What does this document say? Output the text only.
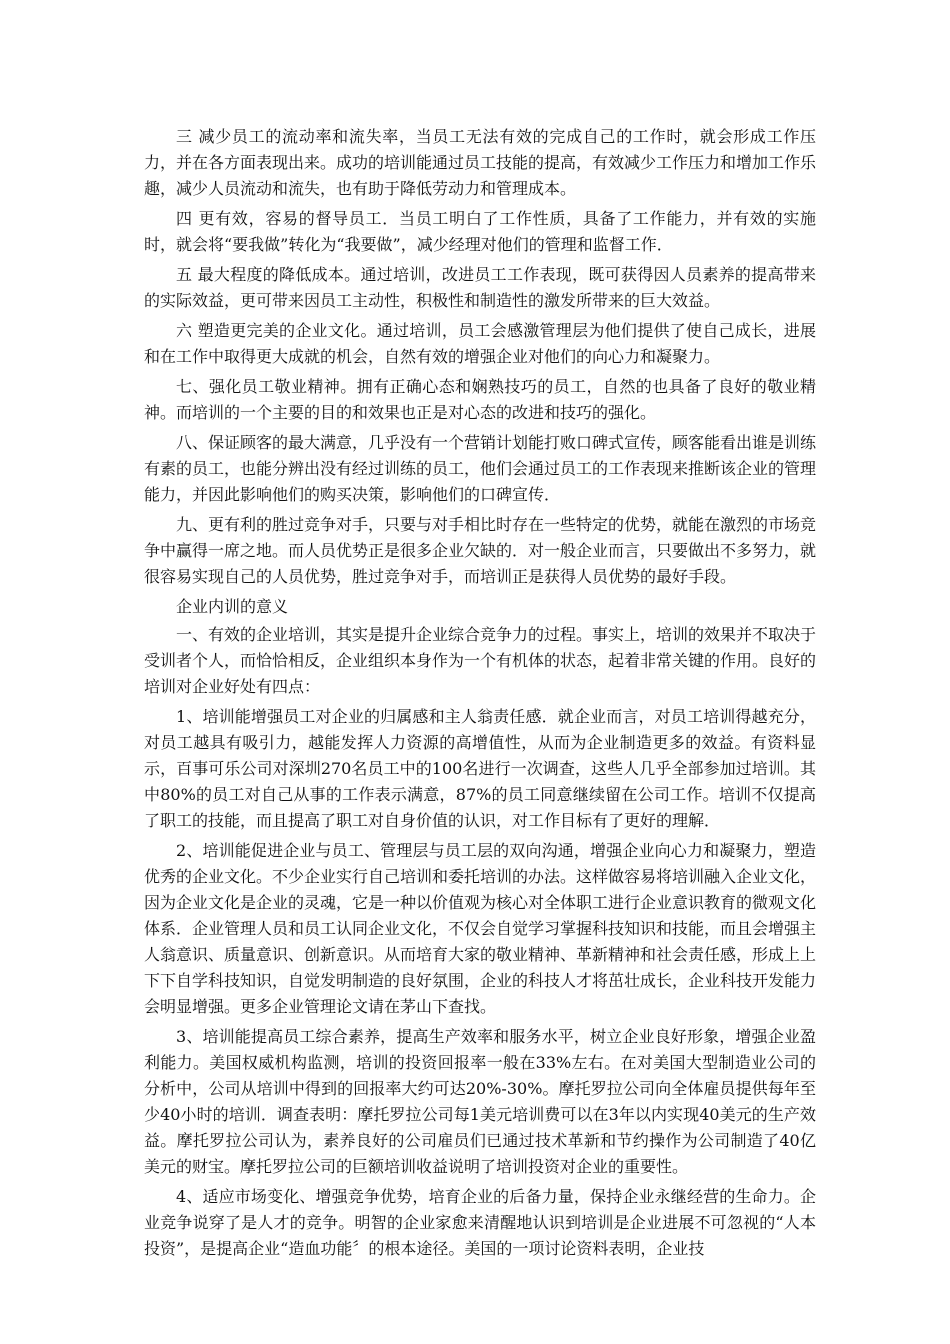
三 减少员工的流动率和流失率，当员工无法有效的完成自己的工作时，就会形成工作压力，并在各方面表现出来。成功的培训能通过员工技能的提高，有效减少工作压力和增加工作乐趣，减少人员流动和流失，也有助于降低劳动力和管理成本。

四 更有效，容易的督导员工．当员工明白了工作性质，具备了工作能力，并有效的实施时，就会将“要我做”转化为“我要做”，减少经理对他们的管理和监督工作．

五 最大程度的降低成本。通过培训，改进员工工作表现，既可获得因人员素养的提高带来的实际效益，更可带来因员工主动性，积极性和制造性的激发所带来的巨大效益。

六 塑造更完美的企业文化。通过培训，员工会感激管理层为他们提供了使自己成长，进展和在工作中取得更大成就的机会，自然有效的增强企业对他们的向心力和凝聚力。

七、强化员工敬业精神。拥有正确心态和娴熟技巧的员工，自然的也具备了良好的敬业精神。而培训的一个主要的目的和效果也正是对心态的改进和技巧的强化。

八、保证顾客的最大满意，几乎没有一个营销计划能打败口碑式宣传，顾客能看出谁是训练有素的员工，也能分辨出没有经过训练的员工，他们会通过员工的工作表现来推断该企业的管理能力，并因此影响他们的购买决策，影响他们的口碑宣传．

九、更有利的胜过竞争对手，只要与对手相比时存在一些特定的优势，就能在激烈的市场竞争中赢得一席之地。而人员优势正是很多企业欠缺的．对一般企业而言，只要做出不多努力，就很容易实现自己的人员优势，胜过竞争对手，而培训正是获得人员优势的最好手段。

企业内训的意义

一、有效的企业培训，其实是提升企业综合竞争力的过程。事实上，培训的效果并不取决于受训者个人，而恰恰相反，企业组织本身作为一个有机体的状态，起着非常关键的作用。良好的培训对企业好处有四点：

1、培训能增强员工对企业的归属感和主人翁责任感．就企业而言，对员工培训得越充分，对员工越具有吸引力，越能发挥人力资源的高增值性，从而为企业制造更多的效益。有资料显示，百事可乐公司对深圳270名员工中的100名进行一次调查，这些人几乎全部参加过培训。其中80%的员工对自己从事的工作表示满意，87%的员工同意继续留在公司工作。培训不仅提高了职工的技能，而且提高了职工对自身价值的认识，对工作目标有了更好的理解．

2、培训能促进企业与员工、管理层与员工层的双向沟通，增强企业向心力和凝聚力，塑造优秀的企业文化。不少企业实行自己培训和委托培训的办法。这样做容易将培训融入企业文化，因为企业文化是企业的灵魂，它是一种以价值观为核心对全体职工进行企业意识教育的微观文化体系．企业管理人员和员工认同企业文化，不仅会自觉学习掌握科技知识和技能，而且会增强主人翁意识、质量意识、创新意识。从而培育大家的敬业精神、革新精神和社会责任感，形成上上下下自学科技知识，自觉发明制造的良好氛围，企业的科技人才将茁壮成长，企业科技开发能力会明显增强。更多企业管理论文请在茅山下查找。

3、培训能提高员工综合素养，提高生产效率和服务水平，树立企业良好形象，增强企业盈利能力。美国权威机构监测，培训的投资回报率一般在33%左右。在对美国大型制造业公司的分析中，公司从培训中得到的回报率大约可达20%-30%。摩托罗拉公司向全体雇员提供每年至少40小时的培训．调查表明：摩托罗拉公司每1美元培训费可以在3年以内实现40美元的生产效益。摩托罗拉公司认为，素养良好的公司雇员们已通过技术革新和节约操作为公司制造了40亿美元的财宝。摩托罗拉公司的巨额培训收益说明了培训投资对企业的重要性。

4、适应市场变化、增强竞争优势，培育企业的后备力量，保持企业永继经营的生命力。企业竞争说穿了是人才的竞争。明智的企业家愈来清醒地认识到培训是企业进展不可忽视的“人本投资”，是提高企业“造血功能〞的根本途径。美国的一项讨论资料表明，企业技
